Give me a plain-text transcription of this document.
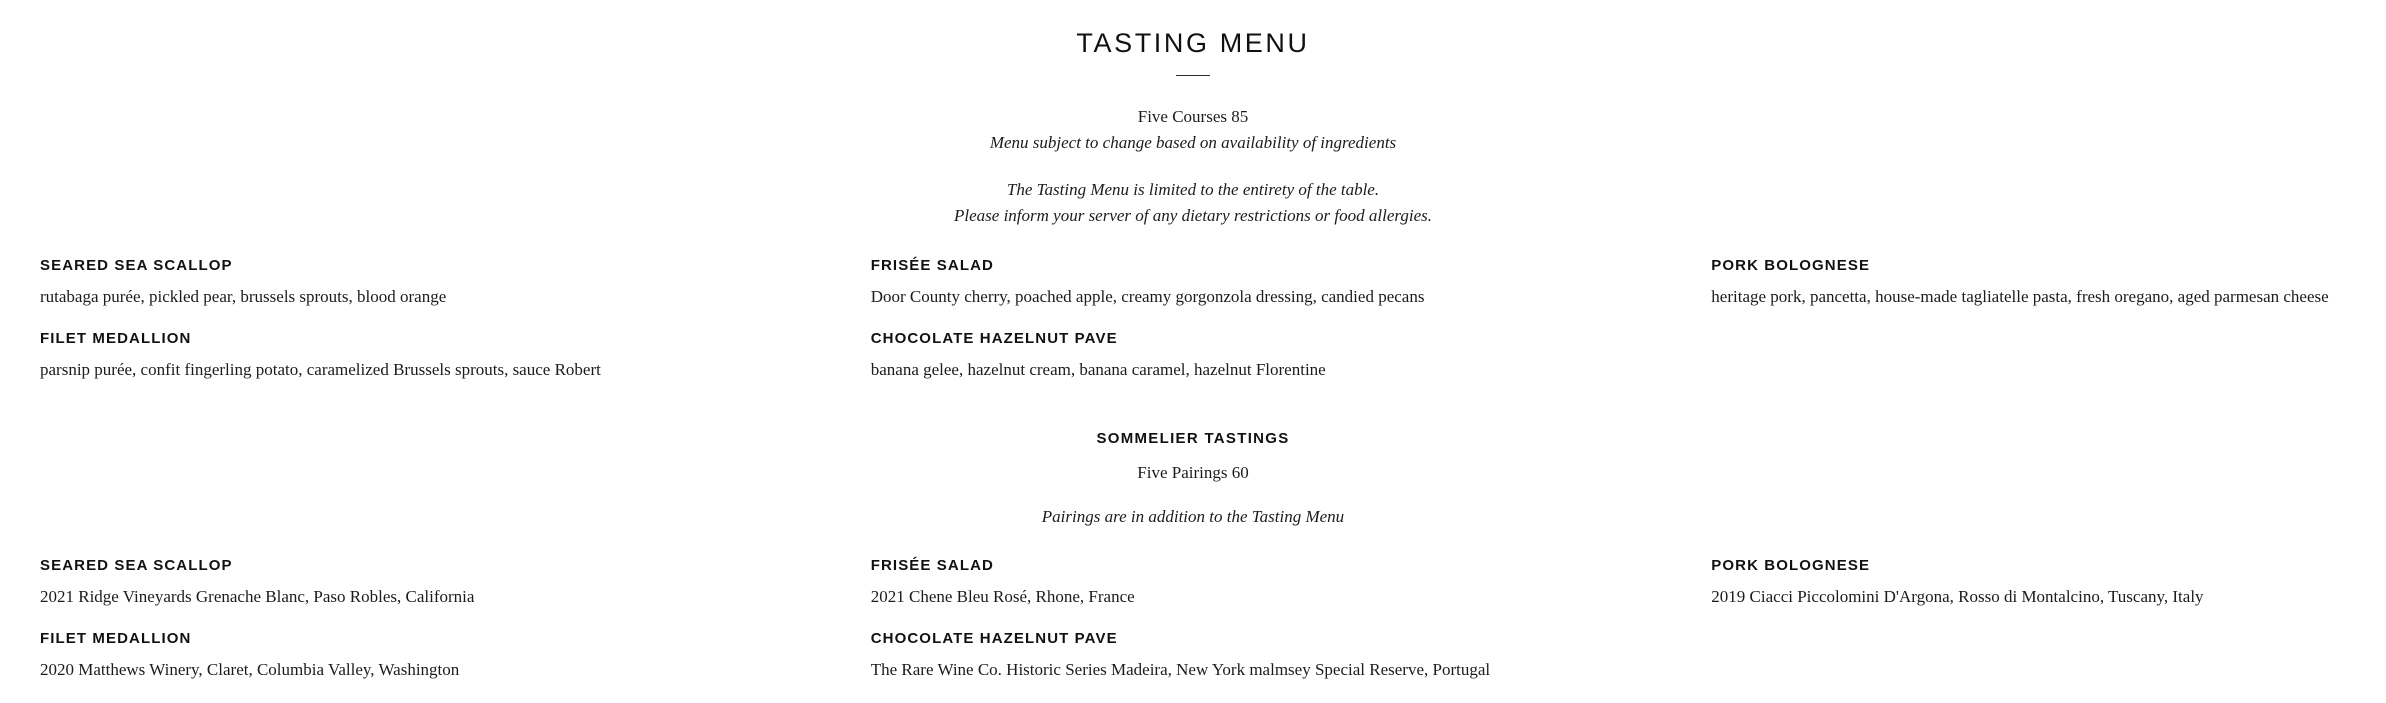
TASTING MENU
Five Courses 85
Menu subject to change based on availability of ingredients
The Tasting Menu is limited to the entirety of the table.
Please inform your server of any dietary restrictions or food allergies.
SEARED SEA SCALLOP
rutabaga purée, pickled pear, brussels sprouts, blood orange
FILET MEDALLION
parsnip purée, confit fingerling potato, caramelized Brussels sprouts, sauce Robert
FRISÉE SALAD
Door County cherry, poached apple, creamy gorgonzola dressing, candied pecans
CHOCOLATE HAZELNUT PAVE
banana gelee, hazelnut cream, banana caramel, hazelnut Florentine
PORK BOLOGNESE
heritage pork, pancetta, house-made tagliatelle pasta, fresh oregano, aged parmesan cheese
SOMMELIER TASTINGS
Five Pairings 60
Pairings are in addition to the Tasting Menu
SEARED SEA SCALLOP
2021 Ridge Vineyards Grenache Blanc, Paso Robles, California
FILET MEDALLION
2020 Matthews Winery, Claret, Columbia Valley, Washington
FRISÉE SALAD
2021 Chene Bleu Rosé, Rhone, France
CHOCOLATE HAZELNUT PAVE
The Rare Wine Co. Historic Series Madeira, New York malmsey Special Reserve, Portugal
PORK BOLOGNESE
2019 Ciacci Piccolomini D'Argona, Rosso di Montalcino, Tuscany, Italy
